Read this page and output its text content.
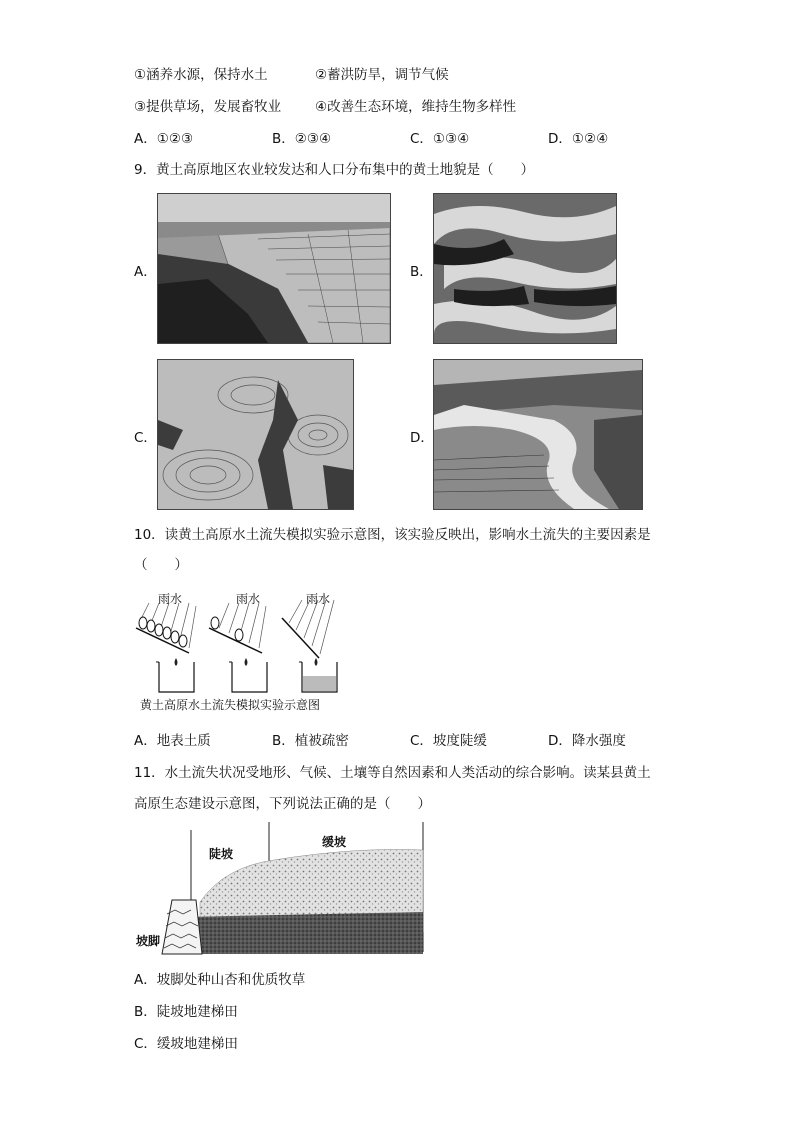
①涵养水源，保持水土	②蓄洪防旱，调节气候
③提供草场，发展畜牧业	④改善生态环境，维持生物多样性
A．①②③	B．②③④	C．①③④	D．①②④
9．黄土高原地区农业较发达和人口分布集中的黄土地貌是（　　）
A．	B．
C．	D．
10．读黄土高原水土流失模拟实验示意图，该实验反映出，影响水土流失的主要因素是
（　　）
雨水	雨水	雨水
黄土高原水土流失模拟实验示意图
A．地表土质	B．植被疏密	C．坡度陡缓	D．降水强度
11．水土流失状况受地形、气候、土壤等自然因素和人类活动的综合影响。读某县黄土
高原生态建设示意图，下列说法正确的是（　　）
陡坡
缓坡
坡脚
A．坡脚处种山杏和优质牧草
B．陡坡地建梯田
C．缓坡地建梯田
